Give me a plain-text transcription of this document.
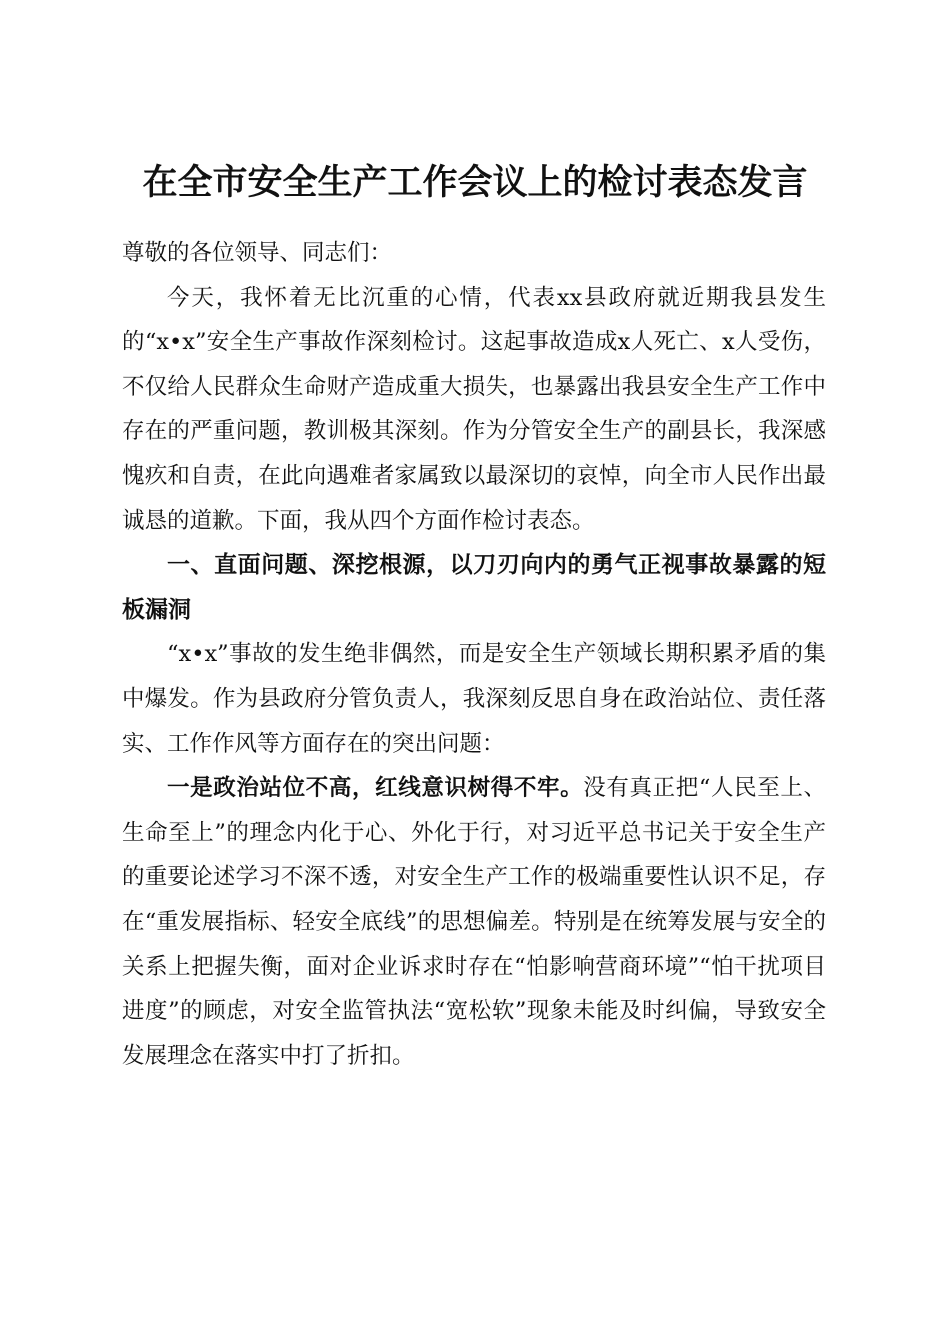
在全市安全生产工作会议上的检讨表态发言

尊敬的各位领导、同志们：

今天，我怀着无比沉重的心情，代表xx县政府就近期我县发生的“x•x”安全生产事故作深刻检讨。这起事故造成x人死亡、x人受伤，不仅给人民群众生命财产造成重大损失，也暴露出我县安全生产工作中存在的严重问题，教训极其深刻。作为分管安全生产的副县长，我深感愧疚和自责，在此向遇难者家属致以最深切的哀悼，向全市人民作出最诚恳的道歉。下面，我从四个方面作检讨表态。

一、直面问题、深挖根源，以刀刃向内的勇气正视事故暴露的短板漏洞

“x•x”事故的发生绝非偶然，而是安全生产领域长期积累矛盾的集中爆发。作为县政府分管负责人，我深刻反思自身在政治站位、责任落实、工作作风等方面存在的突出问题：

一是政治站位不高，红线意识树得不牢。没有真正把“人民至上、生命至上”的理念内化于心、外化于行，对习近平总书记关于安全生产的重要论述学习不深不透，对安全生产工作的极端重要性认识不足，存在“重发展指标、轻安全底线”的思想偏差。特别是在统筹发展与安全的关系上把握失衡，面对企业诉求时存在“怕影响营商环境”“怕干扰项目进度”的顾虑，对安全监管执法“宽松软”现象未能及时纠偏，导致安全发展理念在落实中打了折扣。
